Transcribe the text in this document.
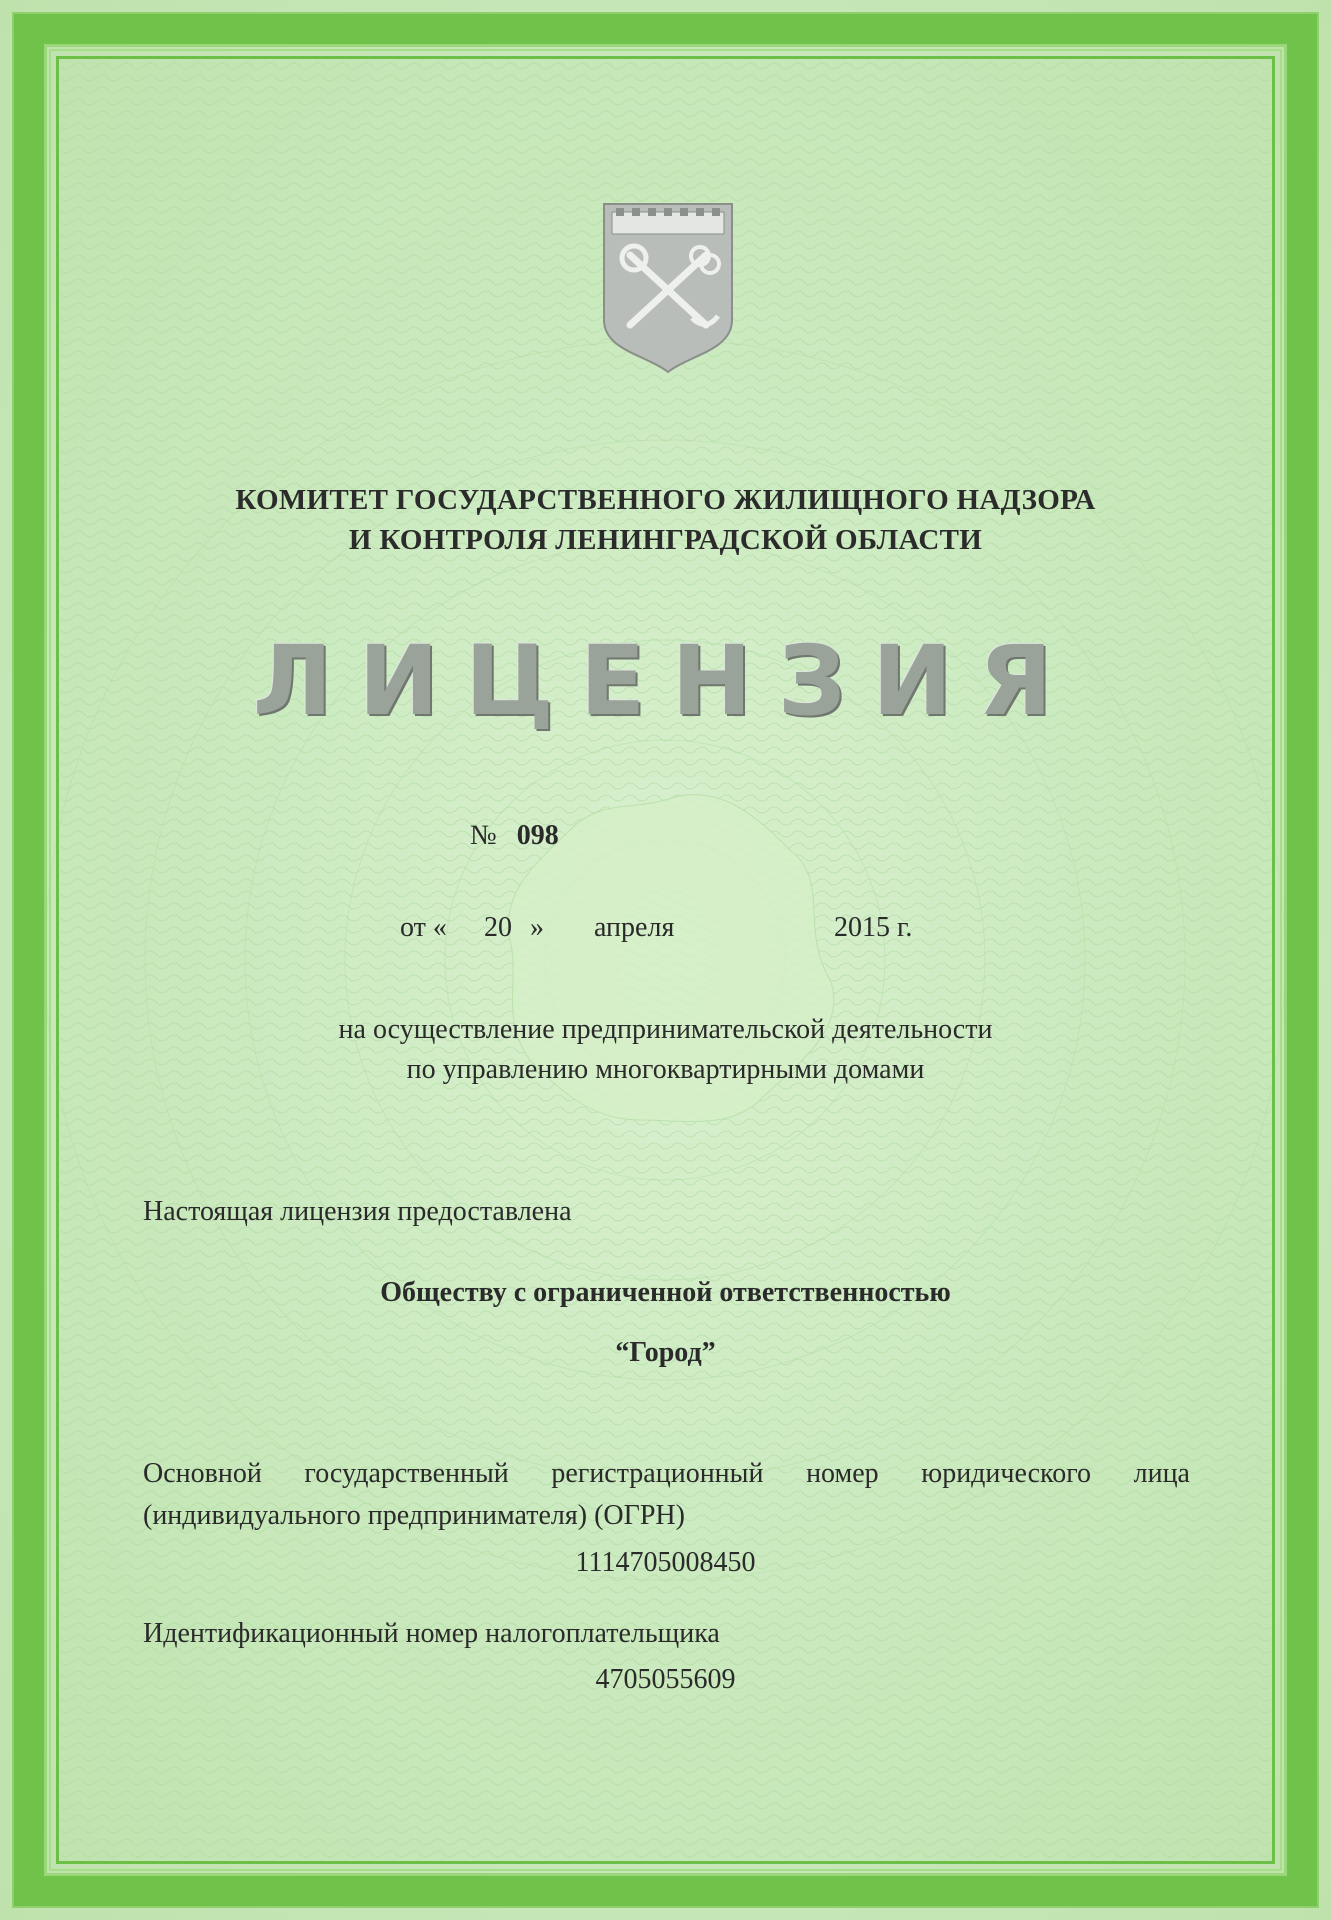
КОМИТЕТ ГОСУДАРСТВЕННОГО ЖИЛИЩНОГО НАДЗОРА
И КОНТРОЛЯ ЛЕНИНГРАДСКОЙ ОБЛАСТИ
ЛИЦЕНЗИЯ
№ 098
от « 20 » апреля	2015 г.
на осуществление предпринимательской деятельности
по управлению многоквартирными домами
Настоящая лицензия предоставлена
Обществу с ограниченной ответственностью
“Город”
Основной государственный регистрационный номер юридического лица (индивидуального предпринимателя) (ОГРН)
1114705008450
Идентификационный номер налогоплательщика
4705055609
